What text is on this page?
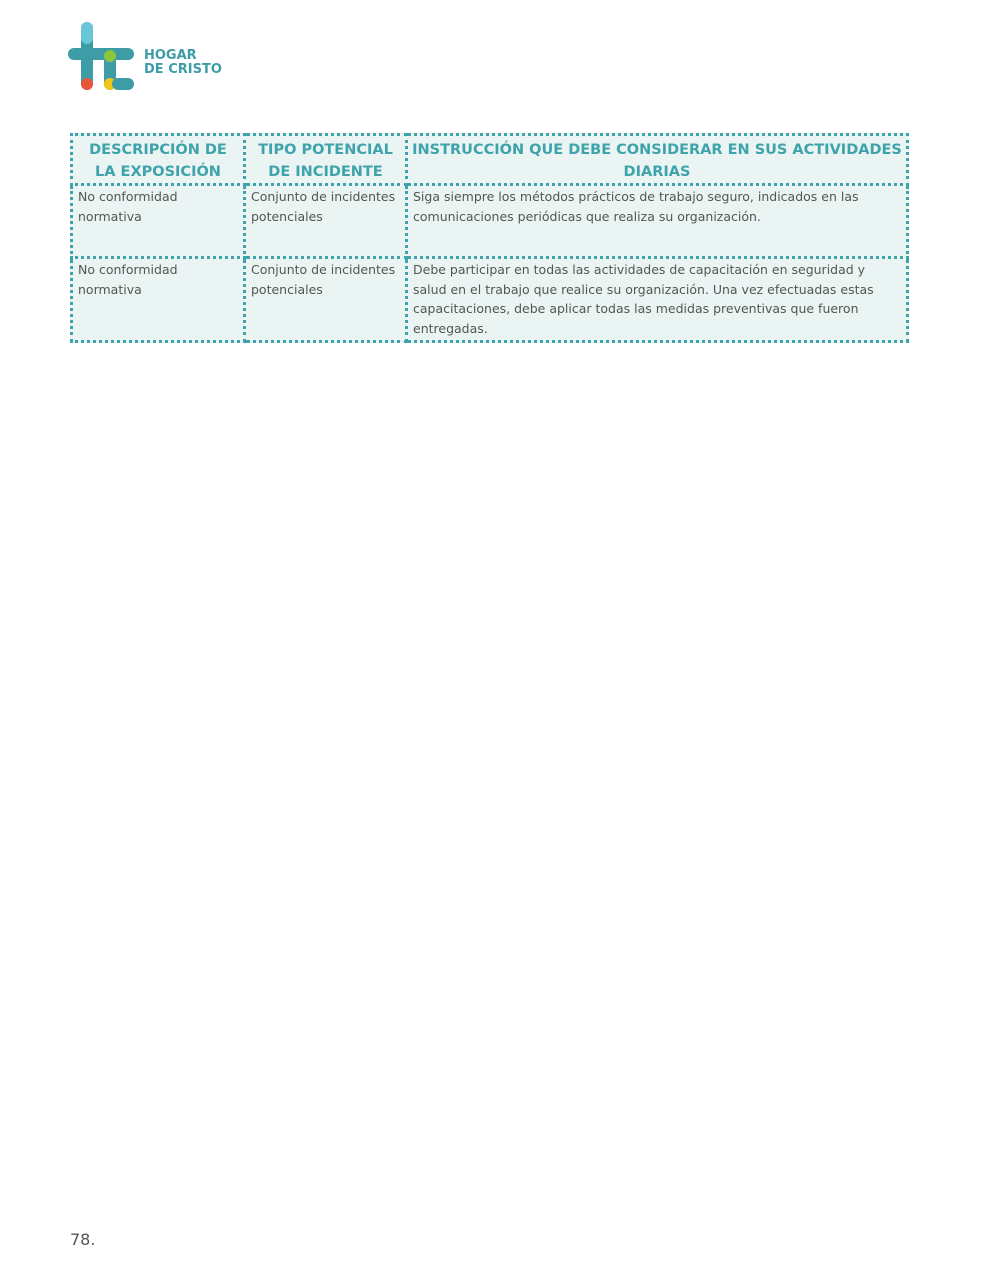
HOGAR
DE CRISTO
DESCRIPCIÓN DE LA EXPOSICIÓN	TIPO POTENCIAL DE INCIDENTE	INSTRUCCIÓN QUE DEBE CONSIDERAR EN SUS ACTIVIDADES DIARIAS
No conformidad normativa	Conjunto de incidentes potenciales	Siga siempre los métodos prácticos de trabajo seguro, indicados en las comunicaciones periódicas que realiza su organización.
No conformidad normativa	Conjunto de incidentes potenciales	Debe participar en todas las actividades de capacitación en seguridad y salud en el trabajo que realice su organización. Una vez efectuadas estas capacitaciones, debe aplicar todas las medidas preventivas que fueron entregadas.
78.
